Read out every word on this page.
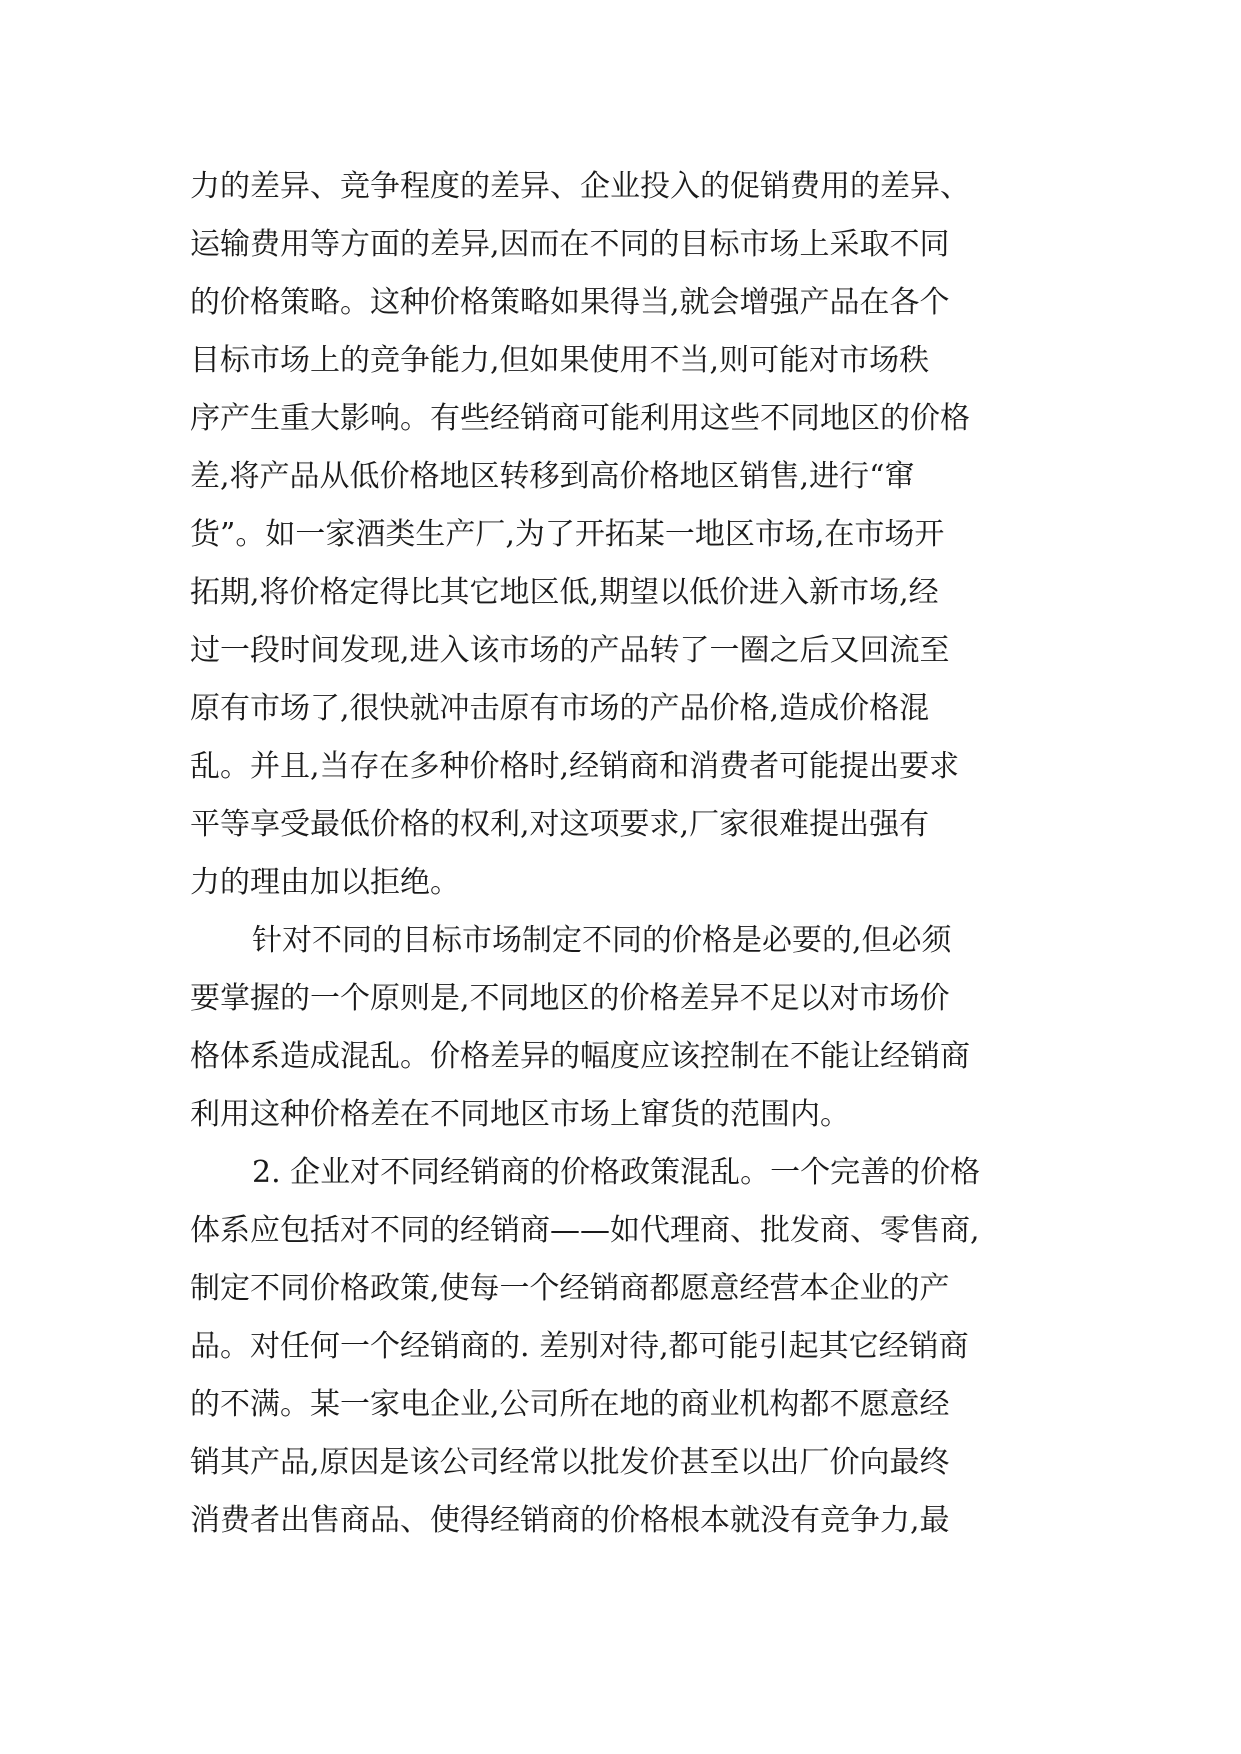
力的差异、竞争程度的差异、企业投入的促销费用的差异、
运输费用等方面的差异,因而在不同的目标市场上采取不同
的价格策略。这种价格策略如果得当,就会增强产品在各个
目标市场上的竞争能力,但如果使用不当,则可能对市场秩
序产生重大影响。有些经销商可能利用这些不同地区的价格
差,将产品从低价格地区转移到高价格地区销售,进行“窜
货”。如一家酒类生产厂,为了开拓某一地区市场,在市场开
拓期,将价格定得比其它地区低,期望以低价进入新市场,经
过一段时间发现,进入该市场的产品转了一圈之后又回流至
原有市场了,很快就冲击原有市场的产品价格,造成价格混
乱。并且,当存在多种价格时,经销商和消费者可能提出要求
平等享受最低价格的权利,对这项要求,厂家很难提出强有
力的理由加以拒绝。
针对不同的目标市场制定不同的价格是必要的,但必须
要掌握的一个原则是,不同地区的价格差异不足以对市场价
格体系造成混乱。价格差异的幅度应该控制在不能让经销商
利用这种价格差在不同地区市场上窜货的范围内。
2. 企业对不同经销商的价格政策混乱。一个完善的价格
体系应包括对不同的经销商——如代理商、批发商、零售商,
制定不同价格政策,使每一个经销商都愿意经营本企业的产
品。对任何一个经销商的. 差别对待,都可能引起其它经销商
的不满。某一家电企业,公司所在地的商业机构都不愿意经
销其产品,原因是该公司经常以批发价甚至以出厂价向最终
消费者出售商品、使得经销商的价格根本就没有竞争力,最
